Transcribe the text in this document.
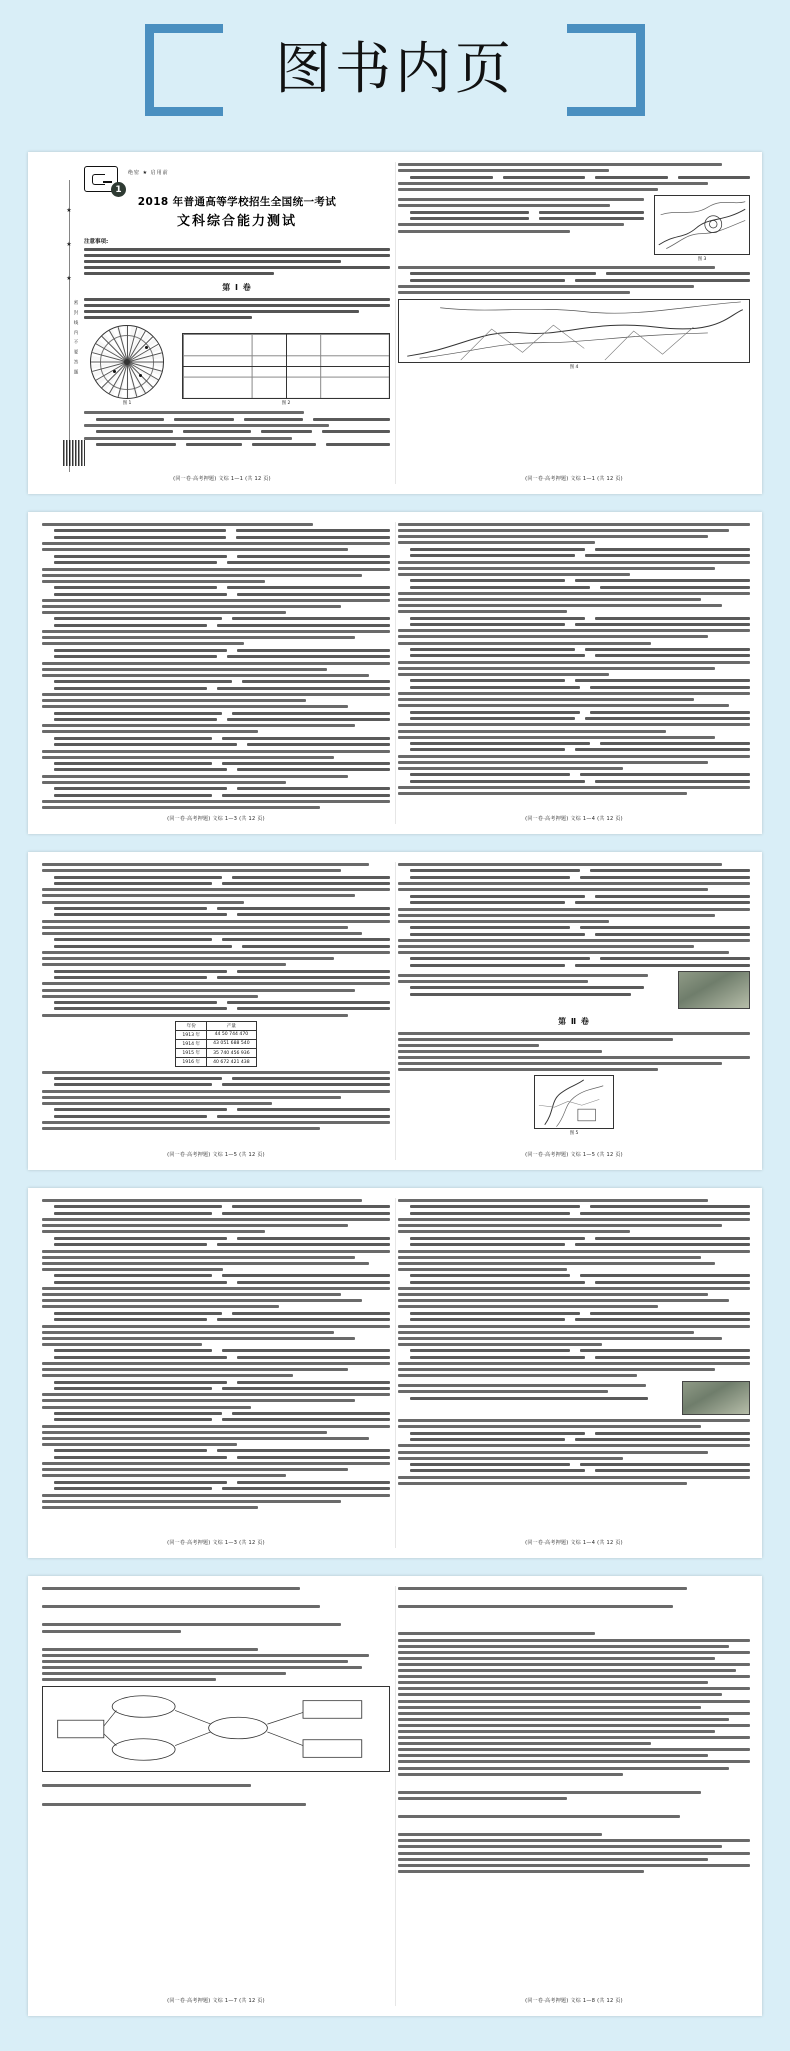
图书内页
★
★
★
密 封 线 内 不 要 答 题
1
绝密 ★ 启用前
2018 年普通高等学校招生全国统一考试
文科综合能力测试
注意事项:
第 Ⅰ 卷
图 1	图 2
(同一卷·高考押题) 文综 1—1 (共 12 页)
图 3
图 4
(同一卷·高考押题) 文综 1—1 (共 12 页)
(同一卷·高考押题) 文综 1—3 (共 12 页)	(同一卷·高考押题) 文综 1—4 (共 12 页)
年份	产量
1913 年	44 50 744 470
1914 年	43 051 688 540
1915 年	35 740 456 936
1916 年	40 672 421 438
(同一卷·高考押题) 文综 1—5 (共 12 页)
第 Ⅱ 卷
图 5
(同一卷·高考押题) 文综 1—5 (共 12 页)
(同一卷·高考押题) 文综 1—3 (共 12 页)	(同一卷·高考押题) 文综 1—4 (共 12 页)
(同一卷·高考押题) 文综 1—7 (共 12 页)	(同一卷·高考押题) 文综 1—8 (共 12 页)
